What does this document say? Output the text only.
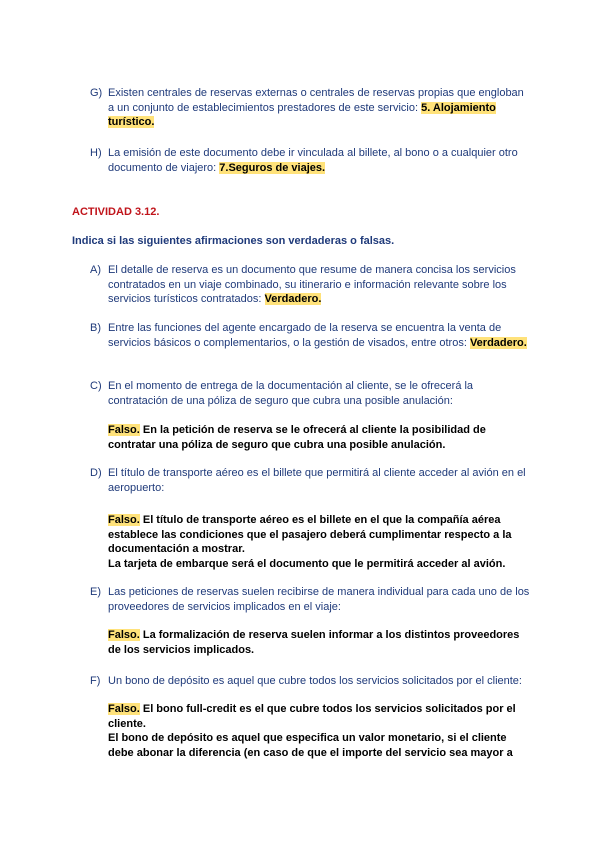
G) Existen centrales de reservas externas o centrales de reservas propias que engloban a un conjunto de establecimientos prestadores de este servicio: 5. Alojamiento turístico.
H) La emisión de este documento debe ir vinculada al billete, al bono o a cualquier otro documento de viajero: 7.Seguros de viajes.
ACTIVIDAD 3.12.
Indica si las siguientes afirmaciones son verdaderas o falsas.
A) El detalle de reserva es un documento que resume de manera concisa los servicios contratados en un viaje combinado, su itinerario e información relevante sobre los servicios turísticos contratados: Verdadero.
B) Entre las funciones del agente encargado de la reserva se encuentra la venta de servicios básicos o complementarios, o la gestión de visados, entre otros: Verdadero.
C) En el momento de entrega de la documentación al cliente, se le ofrecerá la contratación de una póliza de seguro que cubra una posible anulación:
Falso. En la petición de reserva se le ofrecerá al cliente la posibilidad de contratar una póliza de seguro que cubra una posible anulación.
D) El título de transporte aéreo es el billete que permitirá al cliente acceder al avión en el aeropuerto:
Falso. El título de transporte aéreo es el billete en el que la compañía aérea establece las condiciones que el pasajero deberá cumplimentar respecto a la documentación a mostrar.
La tarjeta de embarque será el documento que le permitirá acceder al avión.
E) Las peticiones de reservas suelen recibirse de manera individual para cada uno de los proveedores de servicios implicados en el viaje:
Falso. La formalización de reserva suelen informar a los distintos proveedores de los servicios implicados.
F) Un bono de depósito es aquel que cubre todos los servicios solicitados por el cliente:
Falso. El bono full-credit es el que cubre todos los servicios solicitados por el cliente.
El bono de depósito es aquel que especifica un valor monetario, si el cliente debe abonar la diferencia (en caso de que el importe del servicio sea mayor a
